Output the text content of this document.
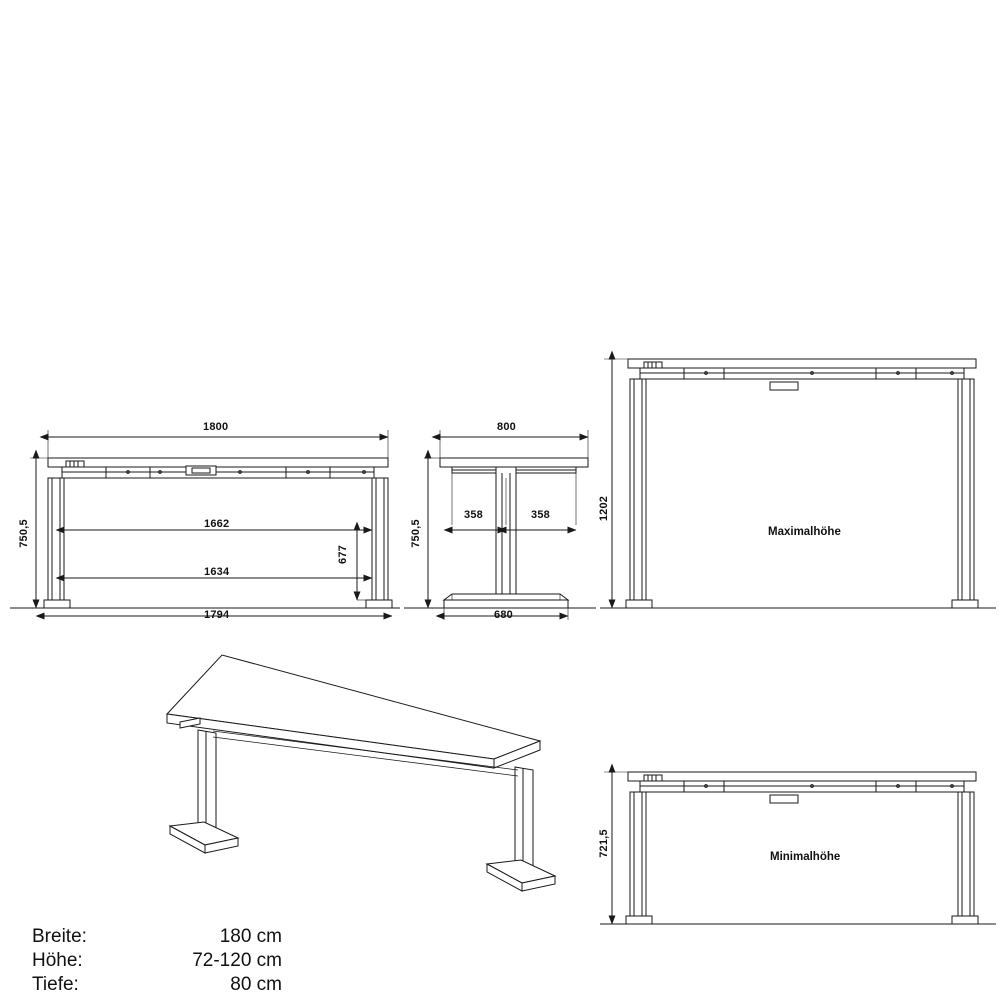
1800
1662
1634
1794
750,5
677
800
358	358
680
750,5
1202
Maximalhöhe
721,5	Minimalhöhe
Breite:	180 cm
Höhe:	72-120 cm
Tiefe:	80 cm
